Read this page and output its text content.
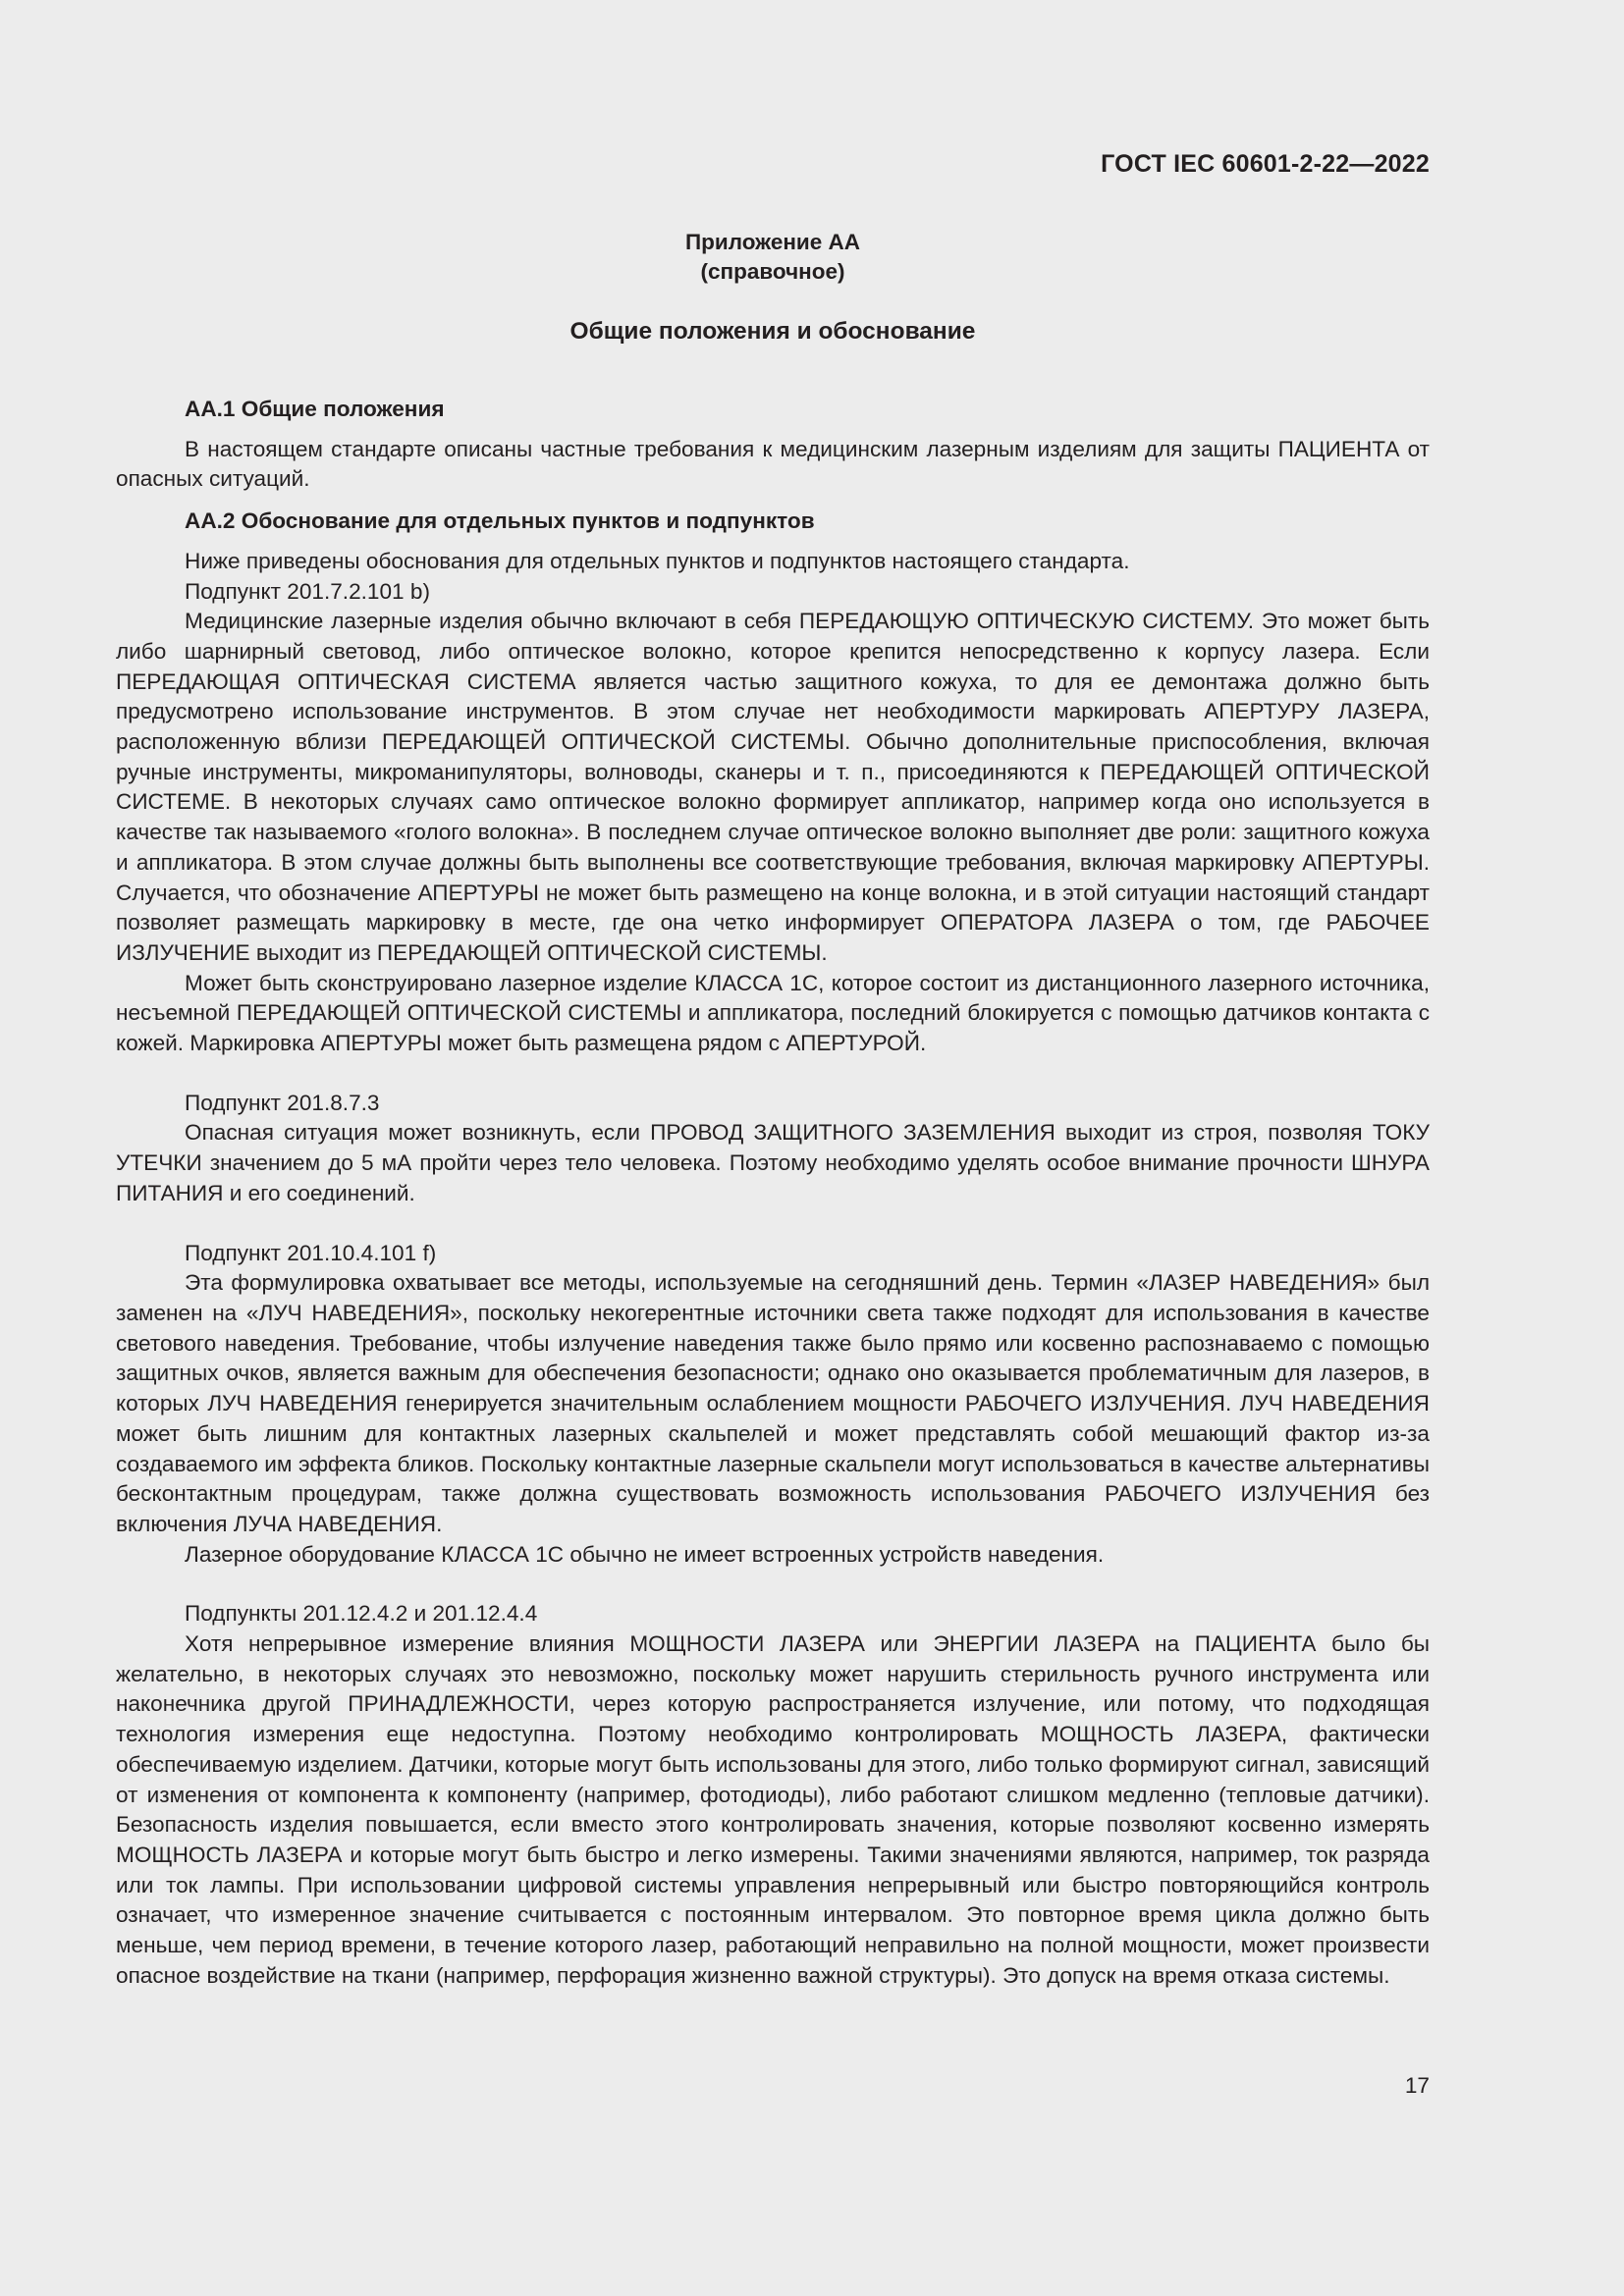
ГОСТ IEC 60601-2-22—2022
Приложение АА
(справочное)
Общие положения и обоснование
АА.1 Общие положения

В настоящем стандарте описаны частные требования к медицинским лазерным изделиям для защиты ПАЦИЕНТА от опасных ситуаций.

АА.2 Обоснование для отдельных пунктов и подпунктов

Ниже приведены обоснования для отдельных пунктов и подпунктов настоящего стандарта.

Подпункт 201.7.2.101 b)

Медицинские лазерные изделия обычно включают в себя ПЕРЕДАЮЩУЮ ОПТИЧЕСКУЮ СИСТЕМУ. Это может быть либо шарнирный световод, либо оптическое волокно, которое крепится непосредственно к корпусу лазера. Если ПЕРЕДАЮЩАЯ ОПТИЧЕСКАЯ СИСТЕМА является частью защитного кожуха, то для ее демонтажа должно быть предусмотрено использование инструментов. В этом случае нет необходимости маркировать АПЕРТУРУ ЛАЗЕРА, расположенную вблизи ПЕРЕДАЮЩЕЙ ОПТИЧЕСКОЙ СИСТЕМЫ. Обычно дополнительные приспособления, включая ручные инструменты, микроманипуляторы, волноводы, сканеры и т. п., присоединяются к ПЕРЕДАЮЩЕЙ ОПТИЧЕСКОЙ СИСТЕМЕ. В некоторых случаях само оптическое волокно формирует аппликатор, например когда оно используется в качестве так называемого «голого волокна». В последнем случае оптическое волокно выполняет две роли: защитного кожуха и аппликатора. В этом случае должны быть выполнены все соответствующие требования, включая маркировку АПЕРТУРЫ. Случается, что обозначение АПЕРТУРЫ не может быть размещено на конце волокна, и в этой ситуации настоящий стандарт позволяет размещать маркировку в месте, где она четко информирует ОПЕРАТОРА ЛАЗЕРА о том, где РАБОЧЕЕ ИЗЛУЧЕНИЕ выходит из ПЕРЕДАЮЩЕЙ ОПТИЧЕСКОЙ СИСТЕМЫ.

Может быть сконструировано лазерное изделие КЛАССА 1С, которое состоит из дистанционного лазерного источника, несъемной ПЕРЕДАЮЩЕЙ ОПТИЧЕСКОЙ СИСТЕМЫ и аппликатора, последний блокируется с помощью датчиков контакта с кожей. Маркировка АПЕРТУРЫ может быть размещена рядом с АПЕРТУРОЙ.

Подпункт 201.8.7.3

Опасная ситуация может возникнуть, если ПРОВОД ЗАЩИТНОГО ЗАЗЕМЛЕНИЯ выходит из строя, позволяя ТОКУ УТЕЧКИ значением до 5 мА пройти через тело человека. Поэтому необходимо уделять особое внимание прочности ШНУРА ПИТАНИЯ и его соединений.

Подпункт 201.10.4.101 f)

Эта формулировка охватывает все методы, используемые на сегодняшний день. Термин «ЛАЗЕР НАВЕДЕНИЯ» был заменен на «ЛУЧ НАВЕДЕНИЯ», поскольку некогерентные источники света также подходят для использования в качестве светового наведения. Требование, чтобы излучение наведения также было прямо или косвенно распознаваемо с помощью защитных очков, является важным для обеспечения безопасности; однако оно оказывается проблематичным для лазеров, в которых ЛУЧ НАВЕДЕНИЯ генерируется значительным ослаблением мощности РАБОЧЕГО ИЗЛУЧЕНИЯ. ЛУЧ НАВЕДЕНИЯ может быть лишним для контактных лазерных скальпелей и может представлять собой мешающий фактор из-за создаваемого им эффекта бликов. Поскольку контактные лазерные скальпели могут использоваться в качестве альтернативы бесконтактным процедурам, также должна существовать возможность использования РАБОЧЕГО ИЗЛУЧЕНИЯ без включения ЛУЧА НАВЕДЕНИЯ.

Лазерное оборудование КЛАССА 1С обычно не имеет встроенных устройств наведения.

Подпункты 201.12.4.2 и 201.12.4.4

Хотя непрерывное измерение влияния МОЩНОСТИ ЛАЗЕРА или ЭНЕРГИИ ЛАЗЕРА на ПАЦИЕНТА было бы желательно, в некоторых случаях это невозможно, поскольку может нарушить стерильность ручного инструмента или наконечника другой ПРИНАДЛЕЖНОСТИ, через которую распространяется излучение, или потому, что подходящая технология измерения еще недоступна. Поэтому необходимо контролировать МОЩНОСТЬ ЛАЗЕРА, фактически обеспечиваемую изделием. Датчики, которые могут быть использованы для этого, либо только формируют сигнал, зависящий от изменения от компонента к компоненту (например, фотодиоды), либо работают слишком медленно (тепловые датчики). Безопасность изделия повышается, если вместо этого контролировать значения, которые позволяют косвенно измерять МОЩНОСТЬ ЛАЗЕРА и которые могут быть быстро и легко измерены. Такими значениями являются, например, ток разряда или ток лампы. При использовании цифровой системы управления непрерывный или быстро повторяющийся контроль означает, что измеренное значение считывается с постоянным интервалом. Это повторное время цикла должно быть меньше, чем период времени, в течение которого лазер, работающий неправильно на полной мощности, может произвести опасное воздействие на ткани (например, перфорация жизненно важной структуры). Это допуск на время отказа системы.

17
